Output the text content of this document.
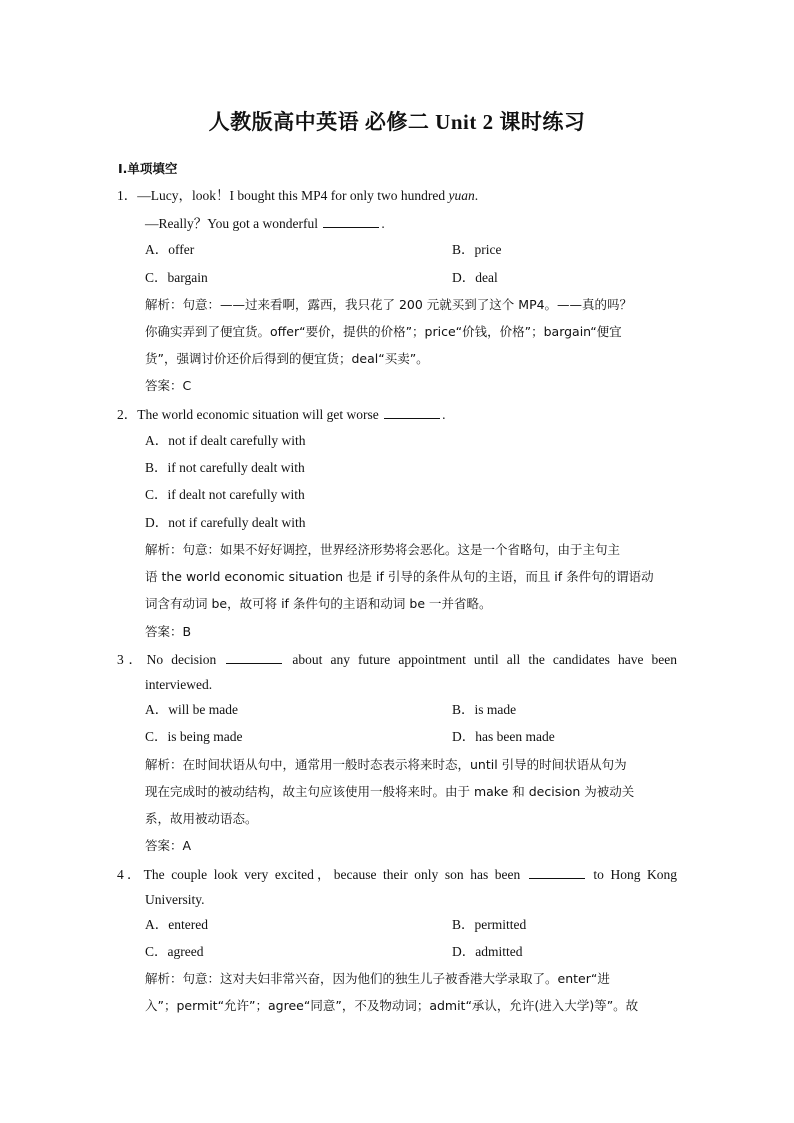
人教版高中英语 必修二 Unit 2 课时练习
Ⅰ.单项填空
1．—Lucy，look！I bought this MP4 for only two hundred yuan.
—Really？You got a wonderful	.
A．offer	B．price
C．bargain	D．deal
解析：句意：——过来看啊，露西，我只花了 200 元就买到了这个 MP4。——真的吗？
你确实弄到了便宜货。offer“要价，提供的价格”；price“价钱，价格”；bargain“便宜
货”，强调讨价还价后得到的便宜货；deal“买卖”。
答案：C
2．The world economic situation will get worse	.
A．not if dealt carefully with
B．if not carefully dealt with
C．if dealt not carefully with
D．not if carefully dealt with
解析：句意：如果不好好调控，世界经济形势将会恶化。这是一个省略句，由于主句主
语 the world economic situation 也是 if 引导的条件从句的主语，而且 if 条件句的谓语动
词含有动词 be，故可将 if 条件句的主语和动词 be 一并省略。
答案：B
3．No decision	about any future appointment until all the candidates have been
interviewed.
A．will be made	B．is made
C．is being made	D．has been made
解析：在时间状语从句中，通常用一般时态表示将来时态，until 引导的时间状语从句为
现在完成时的被动结构，故主句应该使用一般将来时。由于 make 和 decision 为被动关
系，故用被动语态。
答案：A
4．The couple look very excited，because their only son has been	to Hong Kong
University.
A．entered	B．permitted
C．agreed	D．admitted
解析：句意：这对夫妇非常兴奋，因为他们的独生儿子被香港大学录取了。enter“进
入”；permit“允许”；agree“同意”，不及物动词；admit“承认，允许(进入大学)等”。故
